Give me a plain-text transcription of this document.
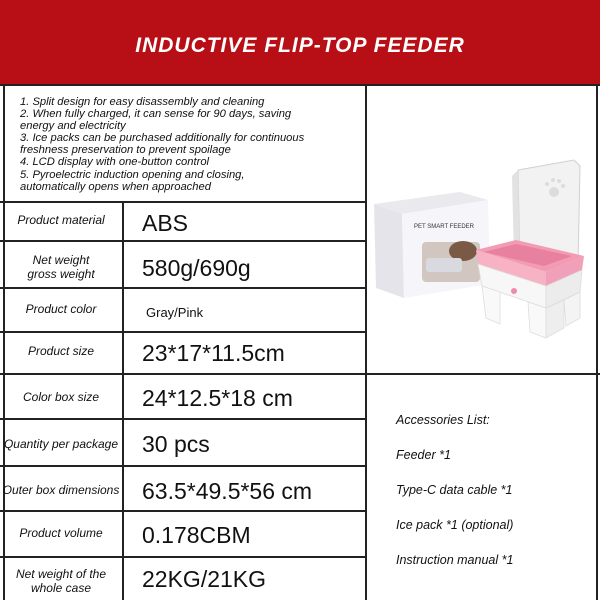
INDUCTIVE FLIP-TOP FEEDER
1. Split design for easy disassembly and cleaning
2. When fully charged, it can sense for 90 days, saving
energy and electricity
3. Ice packs can be purchased additionally for continuous
freshness preservation to prevent spoilage
4. LCD display with one-button control
5. Pyroelectric induction opening and closing,
automatically opens when approached
Product material	ABS
Net weight
gross weight	580g/690g
Product color	Gray/Pink
Product size	23*17*11.5cm
Color box size	24*12.5*18 cm
Quantity per package 30 pcs
Outer box dimensions 63.5*49.5*56 cm
Product volume	0.178CBM
Net weight of the
whole case	22KG/21KG
Accessories List:
Feeder *1
Type-C data cable *1
Ice pack *1 (optional)
Instruction manual *1
PET SMART FEEDER
